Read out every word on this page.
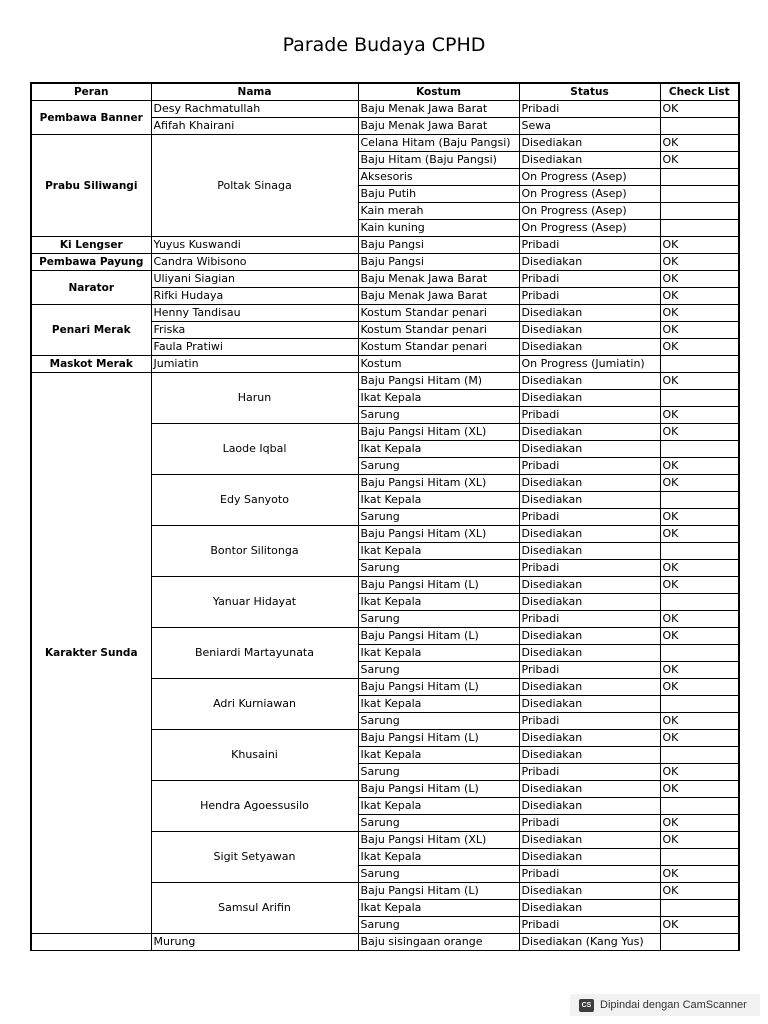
Parade Budaya CPHD
Peran	Nama	Kostum	Status	Check List
Pembawa Banner	Desy Rachmatullah	Baju Menak Jawa Barat	Pribadi	OK
	Afifah Khairani	Baju Menak Jawa Barat	Sewa	
Prabu Siliwangi	Poltak Sinaga	Celana Hitam (Baju Pangsi)	Disediakan	OK
		Baju Hitam (Baju Pangsi)	Disediakan	OK
		Aksesoris	On Progress (Asep)	
		Baju Putih	On Progress (Asep)	
		Kain merah	On Progress (Asep)	
		Kain kuning	On Progress (Asep)	
Ki Lengser	Yuyus Kuswandi	Baju Pangsi	Pribadi	OK
Pembawa Payung	Candra Wibisono	Baju Pangsi	Disediakan	OK
Narator	Uliyani Siagian	Baju Menak Jawa Barat	Pribadi	OK
	Rifki Hudaya	Baju Menak Jawa Barat	Pribadi	OK
Penari Merak	Henny Tandisau	Kostum Standar penari	Disediakan	OK
	Friska	Kostum Standar penari	Disediakan	OK
	Faula Pratiwi	Kostum Standar penari	Disediakan	OK
Maskot Merak	Jumiatin	Kostum	On Progress (Jumiatin)	
Karakter Sunda	Harun	Baju Pangsi Hitam (M)	Disediakan	OK
		Ikat Kepala	Disediakan	
		Sarung	Pribadi	OK
	Laode Iqbal	Baju Pangsi Hitam (XL)	Disediakan	OK
		Ikat Kepala	Disediakan	
		Sarung	Pribadi	OK
	Edy Sanyoto	Baju Pangsi Hitam (XL)	Disediakan	OK
		Ikat Kepala	Disediakan	
		Sarung	Pribadi	OK
	Bontor Silitonga	Baju Pangsi Hitam (XL)	Disediakan	OK
		Ikat Kepala	Disediakan	
		Sarung	Pribadi	OK
	Yanuar Hidayat	Baju Pangsi Hitam (L)	Disediakan	OK
		Ikat Kepala	Disediakan	
		Sarung	Pribadi	OK
	Beniardi Martayunata	Baju Pangsi Hitam (L)	Disediakan	OK
		Ikat Kepala	Disediakan	
		Sarung	Pribadi	OK
	Adri Kurniawan	Baju Pangsi Hitam (L)	Disediakan	OK
		Ikat Kepala	Disediakan	
		Sarung	Pribadi	OK
	Khusaini	Baju Pangsi Hitam (L)	Disediakan	OK
		Ikat Kepala	Disediakan	
		Sarung	Pribadi	OK
	Hendra Agoessusilo	Baju Pangsi Hitam (L)	Disediakan	OK
		Ikat Kepala	Disediakan	
		Sarung	Pribadi	OK
	Sigit Setyawan	Baju Pangsi Hitam (XL)	Disediakan	OK
		Ikat Kepala	Disediakan	
		Sarung	Pribadi	OK
	Samsul Arifin	Baju Pangsi Hitam (L)	Disediakan	OK
		Ikat Kepala	Disediakan	
		Sarung	Pribadi	OK
	Murung	Baju sisingaan orange	Disediakan (Kang Yus)	
CS Dipindai dengan CamScanner
